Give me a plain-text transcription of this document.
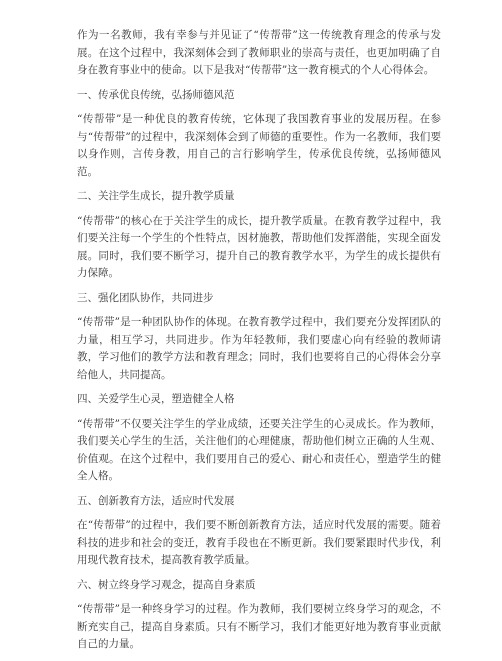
作为一名教师，我有幸参与并见证了“传帮带”这一传统教育理念的传承与发展。在这个过程中，我深刻体会到了教师职业的崇高与责任，也更加明确了自身在教育事业中的使命。以下是我对“传帮带”这一教育模式的个人心得体会。

一、传承优良传统，弘扬师德风范

“传帮带”是一种优良的教育传统，它体现了我国教育事业的发展历程。在参与“传帮带”的过程中，我深刻体会到了师德的重要性。作为一名教师，我们要以身作则，言传身教，用自己的言行影响学生，传承优良传统，弘扬师德风范。

二、关注学生成长，提升教学质量

“传帮带”的核心在于关注学生的成长，提升教学质量。在教育教学过程中，我们要关注每一个学生的个性特点，因材施教，帮助他们发挥潜能，实现全面发展。同时，我们要不断学习，提升自己的教育教学水平，为学生的成长提供有力保障。

三、强化团队协作，共同进步

“传帮带”是一种团队协作的体现。在教育教学过程中，我们要充分发挥团队的力量，相互学习，共同进步。作为年轻教师，我们要虚心向有经验的教师请教，学习他们的教学方法和教育理念；同时，我们也要将自己的心得体会分享给他人，共同提高。

四、关爱学生心灵，塑造健全人格

“传帮带”不仅要关注学生的学业成绩，还要关注学生的心灵成长。作为教师，我们要关心学生的生活，关注他们的心理健康，帮助他们树立正确的人生观、价值观。在这个过程中，我们要用自己的爱心、耐心和责任心，塑造学生的健全人格。

五、创新教育方法，适应时代发展

在“传帮带”的过程中，我们要不断创新教育方法，适应时代发展的需要。随着科技的进步和社会的变迁，教育手段也在不断更新。我们要紧跟时代步伐，利用现代教育技术，提高教育教学质量。

六、树立终身学习观念，提高自身素质

“传帮带”是一种终身学习的过程。作为教师，我们要树立终身学习的观念，不断充实自己，提高自身素质。只有不断学习，我们才能更好地为教育事业贡献自己的力量。
